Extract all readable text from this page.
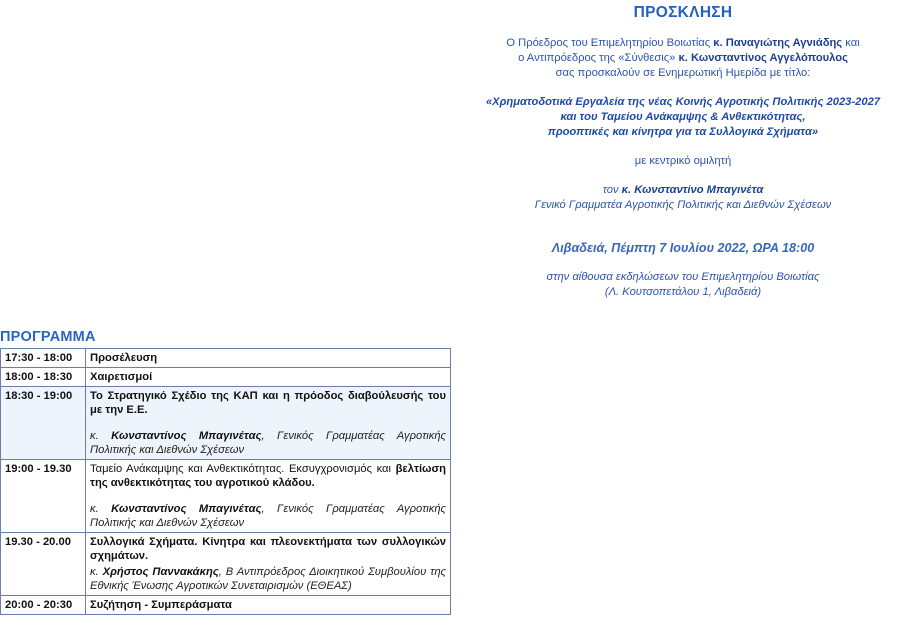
ΠΡΟΣΚΛΗΣΗ
Ο Πρόεδρος του Επιμελητηρίου Βοιωτίας κ. Παναγιώτης Αγνιάδης και
ο Αντιπρόεδρος της «Σύνθεσις» κ. Κωνσταντίνος Αγγελόπουλος
σας προσκαλούν σε Ενημερωτική Ημερίδα με τίτλο:
«Χρηματοδοτικά Εργαλεία της νέας Κοινής Αγροτικής Πολιτικής 2023-2027
και του Ταμείου Ανάκαμψης & Ανθεκτικότητας,
προοπτικές και κίνητρα για τα Συλλογικά Σχήματα»
με κεντρικό ομιλητή
τον κ. Κωνσταντίνο Μπαγινέτα
Γενικό Γραμματέα Αγροτικής Πολιτικής και Διεθνών Σχέσεων
Λιβαδειά, Πέμπτη 7 Ιουλίου 2022, ΩΡΑ 18:00
στην αίθουσα εκδηλώσεων του Επιμελητηρίου Βοιωτίας
(Λ. Κουτσοπετάλου 1, Λιβαδειά)
ΠΡΟΓΡΑΜΜΑ
17:30 - 18:00	Προσέλευση
18:00 - 18:30	Χαιρετισμοί
18:30 - 19:00	Το Στρατηγικό Σχέδιο της ΚΑΠ και η πρόοδος διαβούλευσής του με την Ε.Ε.
κ. Κωνσταντίνος Μπαγινέτας, Γενικός Γραμματέας Αγροτικής Πολιτικής και Διεθνών Σχέσεων

19:00 - 19.30	Ταμείο Ανάκαμψης και Ανθεκτικότητας. Εκσυγχρονισμός και βελτίωση της ανθεκτικότητας του αγροτικού κλάδου.
κ. Κωνσταντίνος Μπαγινέτας, Γενικός Γραμματέας Αγροτικής Πολιτικής και Διεθνών Σχέσεων

19.30 - 20.00	Συλλογικά Σχήματα. Κίνητρα και πλεονεκτήματα των συλλογικών σχημάτων.
κ. Χρήστος Παννακάκης, Β Αντιπρόεδρος Διοικητικού Συμβουλίου της Εθνικής Ένωσης Αγροτικών Συνεταιρισμών (ΕΘΕΑΣ)

20:00 - 20:30	Συζήτηση - Συμπεράσματα
